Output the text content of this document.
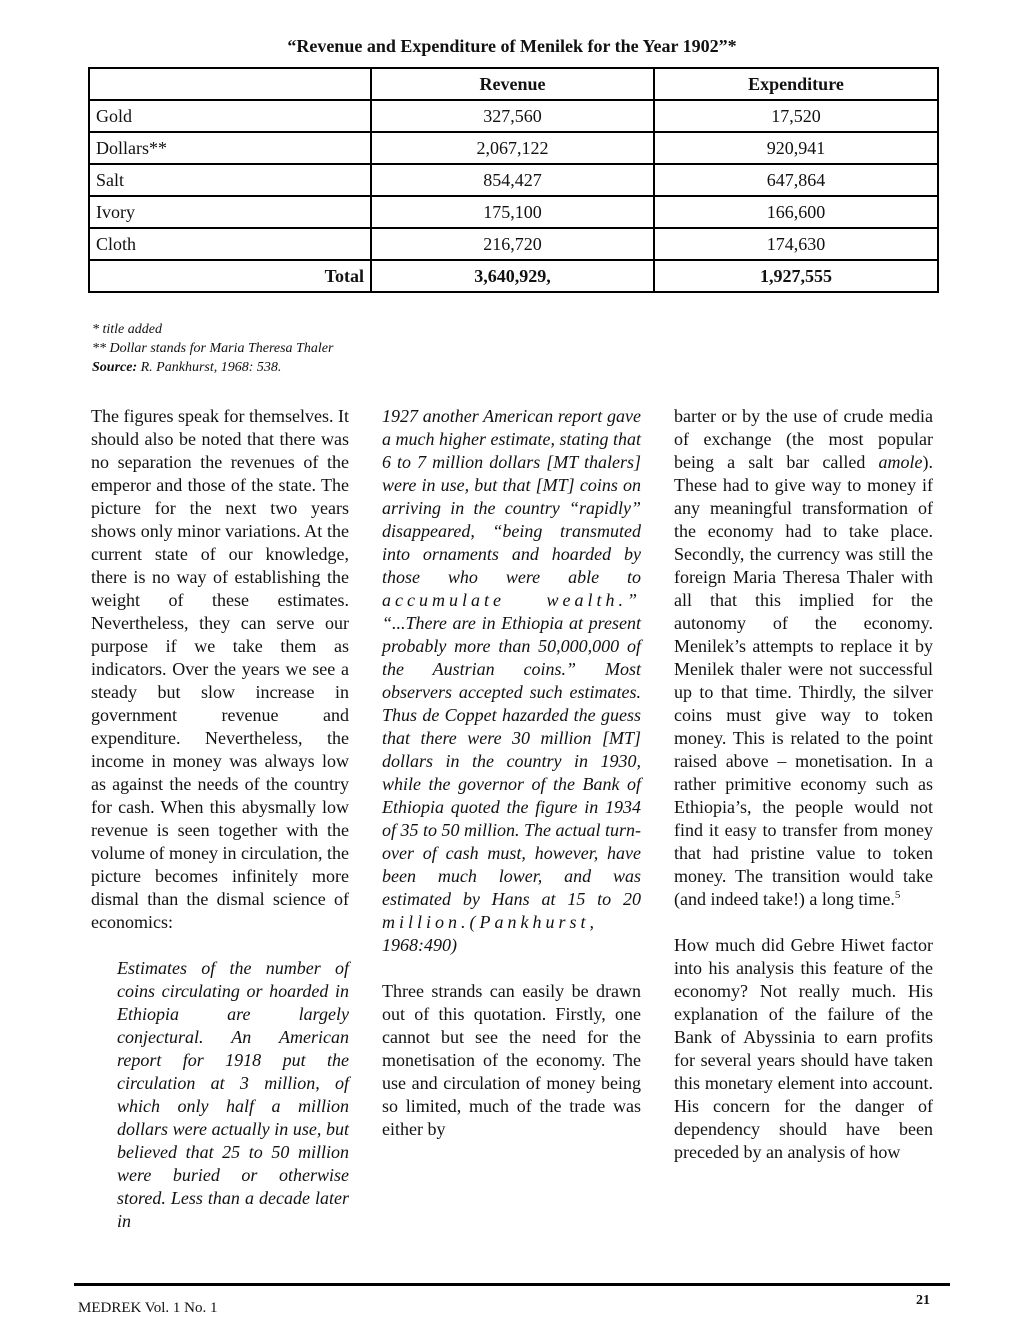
“Revenue and Expenditure of Menilek for the Year 1902”*
	Revenue	Expenditure
Gold	327,560	17,520
Dollars**	2,067,122	920,941
Salt	854,427	647,864
Ivory	175,100	166,600
Cloth	216,720	174,630
Total	3,640,929,	1,927,555
* title added
** Dollar stands for Maria Theresa Thaler
Source: R. Pankhurst, 1968: 538.

The figures speak for themselves. It should also be noted that there was no separation the revenues of the emperor and those of the state. The picture for the next two years shows only minor variations. At the current state of our knowledge, there is no way of establishing the weight of these estimates. Nevertheless, they can serve our purpose if we take them as indicators. Over the years we see a steady but slow increase in government revenue and expenditure. Nevertheless, the income in money was always low as against the needs of the country for cash. When this abysmally low revenue is seen together with the volume of money in circulation, the picture becomes infinitely more dismal than the dismal science of economics:

Estimates of the number of coins circulating or hoarded in Ethiopia are largely conjectural. An American report for 1918 put the circulation at 3 million, of which only half a million dollars were actually in use, but believed that 25 to 50 million were buried or otherwise stored. Less than a decade later in

1927 another American report gave a much higher estimate, stating that 6 to 7 million dollars [MT thalers] were in use, but that [MT] coins on arriving in the country “rapidly” disappeared, “being transmuted into ornaments and hoarded by those who were able to accumulate wealth.” “...There are in Ethiopia at present probably more than 50,000,000 of the Austrian coins.” Most observers accepted such estimates. Thus de Coppet hazarded the guess that there were 30 million [MT] dollars in the country in 1930, while the governor of the Bank of Ethiopia quoted the figure in 1934 of 35 to 50 million. The actual turn-over of cash must, however, have been much lower, and was estimated by Hans at 15 to 20 million.(Pankhurst, 1968:490)

Three strands can easily be drawn out of this quotation. Firstly, one cannot but see the need for the monetisation of the economy. The use and circulation of money being so limited, much of the trade was either by

barter or by the use of crude media of exchange (the most popular being a salt bar called amole). These had to give way to money if any meaningful transformation of the economy had to take place. Secondly, the currency was still the foreign Maria Theresa Thaler with all that this implied for the autonomy of the economy. Menilek’s attempts to replace it by Menilek thaler were not successful up to that time. Thirdly, the silver coins must give way to token money. This is related to the point raised above – monetisation. In a rather primitive economy such as Ethiopia’s, the people would not find it easy to transfer from money that had pristine value to token money. The transition would take (and indeed take!) a long time.$^5$

How much did Gebre Hiwet factor into his analysis this feature of the economy? Not really much. His explanation of the failure of the Bank of Abyssinia to earn profits for several years should have taken this monetary element into account. His concern for the danger of dependency should have been preceded by an analysis of how

MEDREK Vol. 1 No. 1	21
